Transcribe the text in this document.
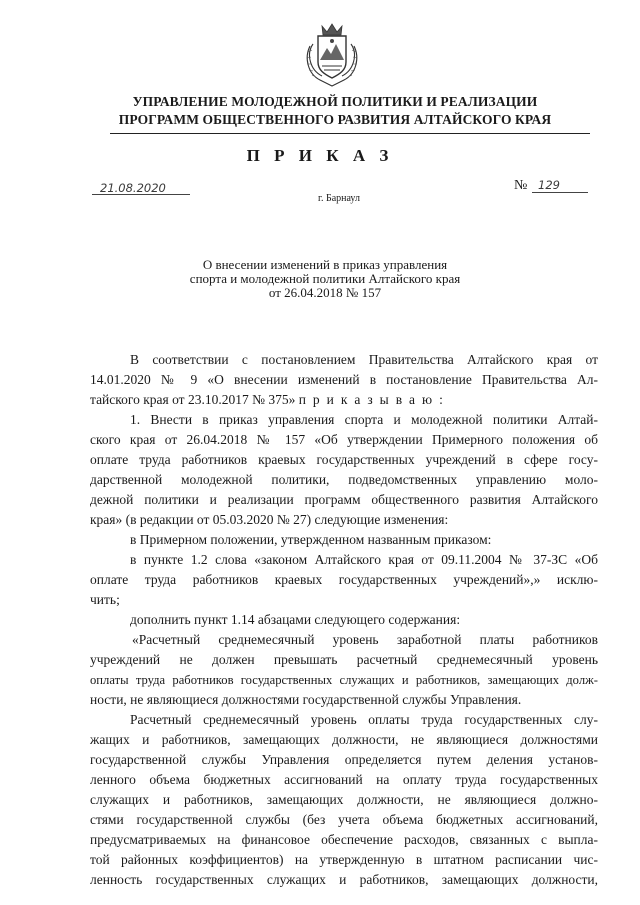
УПРАВЛЕНИЕ МОЛОДЕЖНОЙ ПОЛИТИКИ И РЕАЛИЗАЦИИ
ПРОГРАММ ОБЩЕСТВЕННОГО РАЗВИТИЯ АЛТАЙСКОГО КРАЯ
П Р И К А З
21.08.2020	№ 129
г. Барнаул
О внесении изменений в приказ управления
спорта и молодежной политики Алтайского края
от 26.04.2018 № 157
В соответствии с постановлением Правительства Алтайского края от
14.01.2020 № 9 «О внесении изменений в постановление Правительства Ал-
тайского края от 23.10.2017 № 375» п р и к а з ы в а ю :
1. Внести в приказ управления спорта и молодежной политики Алтай-
ского края от 26.04.2018 № 157 «Об утверждении Примерного положения об
оплате труда работников краевых государственных учреждений в сфере госу-
дарственной молодежной политики, подведомственных управлению моло-
дежной политики и реализации программ общественного развития Алтайского
края» (в редакции от 05.03.2020 № 27) следующие изменения:
в Примерном положении, утвержденном названным приказом:
в пункте 1.2 слова «законом Алтайского края от 09.11.2004 № 37-ЗС «Об
оплате труда работников краевых государственных учреждений»,» исклю-
чить;
дополнить пункт 1.14 абзацами следующего содержания:
«Расчетный среднемесячный уровень заработной платы работников
учреждений не должен превышать расчетный среднемесячный уровень
оплаты труда работников государственных служащих и работников, замещающих долж-
ности, не являющиеся должностями государственной службы Управления.
Расчетный среднемесячный уровень оплаты труда государственных слу-
жащих и работников, замещающих должности, не являющиеся должностями
государственной службы Управления определяется путем деления установ-
ленного объема бюджетных ассигнований на оплату труда государственных
служащих и работников, замещающих должности, не являющиеся должно-
стями государственной службы (без учета объема бюджетных ассигнований,
предусматриваемых на финансовое обеспечение расходов, связанных с выпла-
той районных коэффициентов) на утвержденную в штатном расписании чис-
ленность государственных служащих и работников, замещающих должности,
